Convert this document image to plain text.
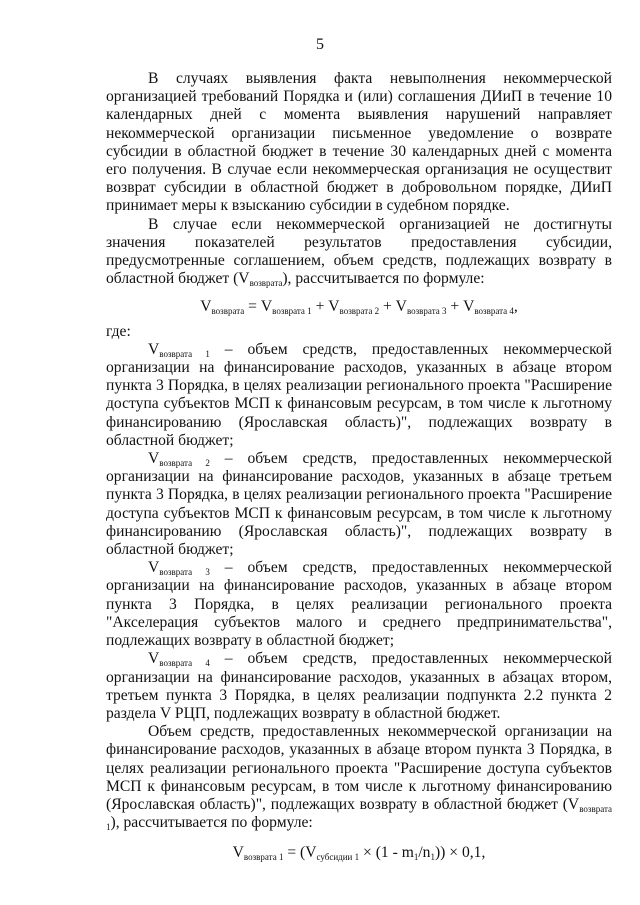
5

В случаях выявления факта невыполнения некоммерческой организацией требований Порядка и (или) соглашения ДИиП в течение 10 календарных дней с момента выявления нарушений направляет некоммерческой организации письменное уведомление о возврате субсидии в областной бюджет в течение 30 календарных дней с момента его получения. В случае если некоммерческая организация не осуществит возврат субсидии в областной бюджет в добровольном порядке, ДИиП принимает меры к взысканию субсидии в судебном порядке.

В случае если некоммерческой организацией не достигнуты значения показателей результатов предоставления субсидии, предусмотренные соглашением, объем средств, подлежащих возврату в областной бюджет $(V_{возврата})$, рассчитывается по формуле:

$V_{возврата} = V_{возврата 1} + V_{возврата 2} + V_{возврата 3} + V_{возврата 4}$,

где:

$V_{возврата 1}$ – объем средств, предоставленных некоммерческой организации на финансирование расходов, указанных в абзаце втором пункта 3 Порядка, в целях реализации регионального проекта "Расширение доступа субъектов МСП к финансовым ресурсам, в том числе к льготному финансированию (Ярославская область)", подлежащих возврату в областной бюджет;

$V_{возврата 2}$ – объем средств, предоставленных некоммерческой организации на финансирование расходов, указанных в абзаце третьем пункта 3 Порядка, в целях реализации регионального проекта "Расширение доступа субъектов МСП к финансовым ресурсам, в том числе к льготному финансированию (Ярославская область)", подлежащих возврату в областной бюджет;

$V_{возврата 3}$ – объем средств, предоставленных некоммерческой организации на финансирование расходов, указанных в абзаце втором пункта 3 Порядка, в целях реализации регионального проекта "Акселерация субъектов малого и среднего предпринимательства", подлежащих возврату в областной бюджет;

$V_{возврата 4}$ – объем средств, предоставленных некоммерческой организации на финансирование расходов, указанных в абзацах втором, третьем пункта 3 Порядка, в целях реализации подпункта 2.2 пункта 2 раздела V РЦП, подлежащих возврату в областной бюджет.

Объем средств, предоставленных некоммерческой организации на финансирование расходов, указанных в абзаце втором пункта 3 Порядка, в целях реализации регионального проекта "Расширение доступа субъектов МСП к финансовым ресурсам, в том числе к льготному финансированию (Ярославская область)", подлежащих возврату в областной бюджет $(V_{возврата 1})$, рассчитывается по формуле:

$V_{возврата 1} = (V_{субсидии 1} \times (1 - m_1/n_1)) \times 0,1$,
